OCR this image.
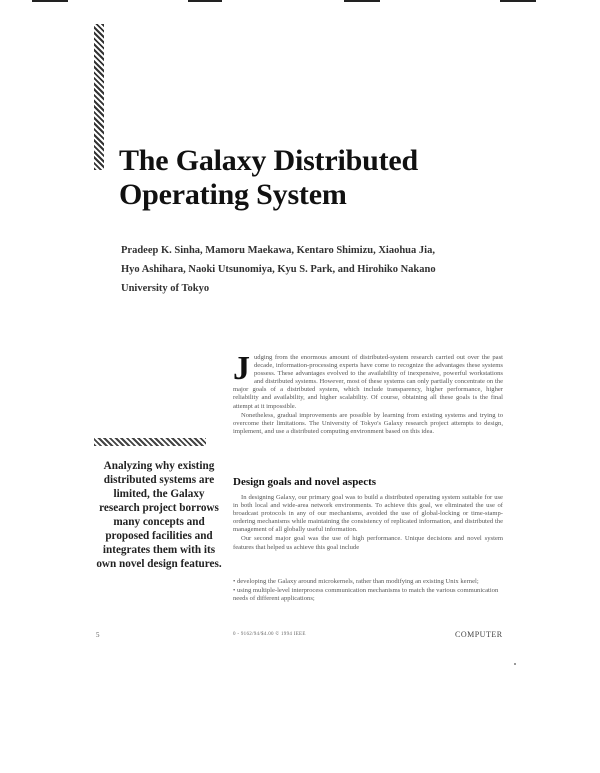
The Galaxy Distributed
Operating System
Pradeep K. Sinha, Mamoru Maekawa, Kentaro Shimizu, Xiaohua Jia,
Hyo Ashihara, Naoki Utsunomiya, Kyu S. Park, and Hirohiko Nakano
University of Tokyo
J udging from the enormous amount of distributed-system research carried out over the past decade, information-processing experts have come to recognize the advantages these systems possess. These advantages evolved to the availability of inexpensive, powerful workstations and distributed systems. However, most of these systems can only partially concentrate on the major goals of a distributed system, which include transparency, higher performance, higher reliability and availability, and higher scalability. Of course, obtaining all these goals is the final attempt at it impossible.

Nonetheless, gradual improvements are possible by learning from existing systems and trying to overcome their limitations. The University of Tokyo's Galaxy research project attempts to design, implement, and use a distributed computing environment based on this idea.

Design goals and novel aspects

In designing Galaxy, our primary goal was to build a distributed operating system suitable for use in both local and wide-area network environments. To achieve this goal, we eliminated the use of broadcast protocols in any of our mechanisms, avoided the use of global-locking or time-stamp-ordering mechanisms while maintaining the consistency of replicated information, and distributed the management of all globally useful information.

Our second major goal was the use of high performance. Unique decisions and novel system features that helped us achieve this goal include

Analyzing why existing distributed systems are limited, the Galaxy research project borrows many concepts and proposed facilities and integrates them with its own novel design features.
• developing the Galaxy around microkernels, rather than modifying an existing Unix kernel;
• using multiple-level interprocess communication mechanisms to match the various communication needs of different applications;
5	0 - 9162/94/$4.00 © 1994 IEEE	COMPUTER
